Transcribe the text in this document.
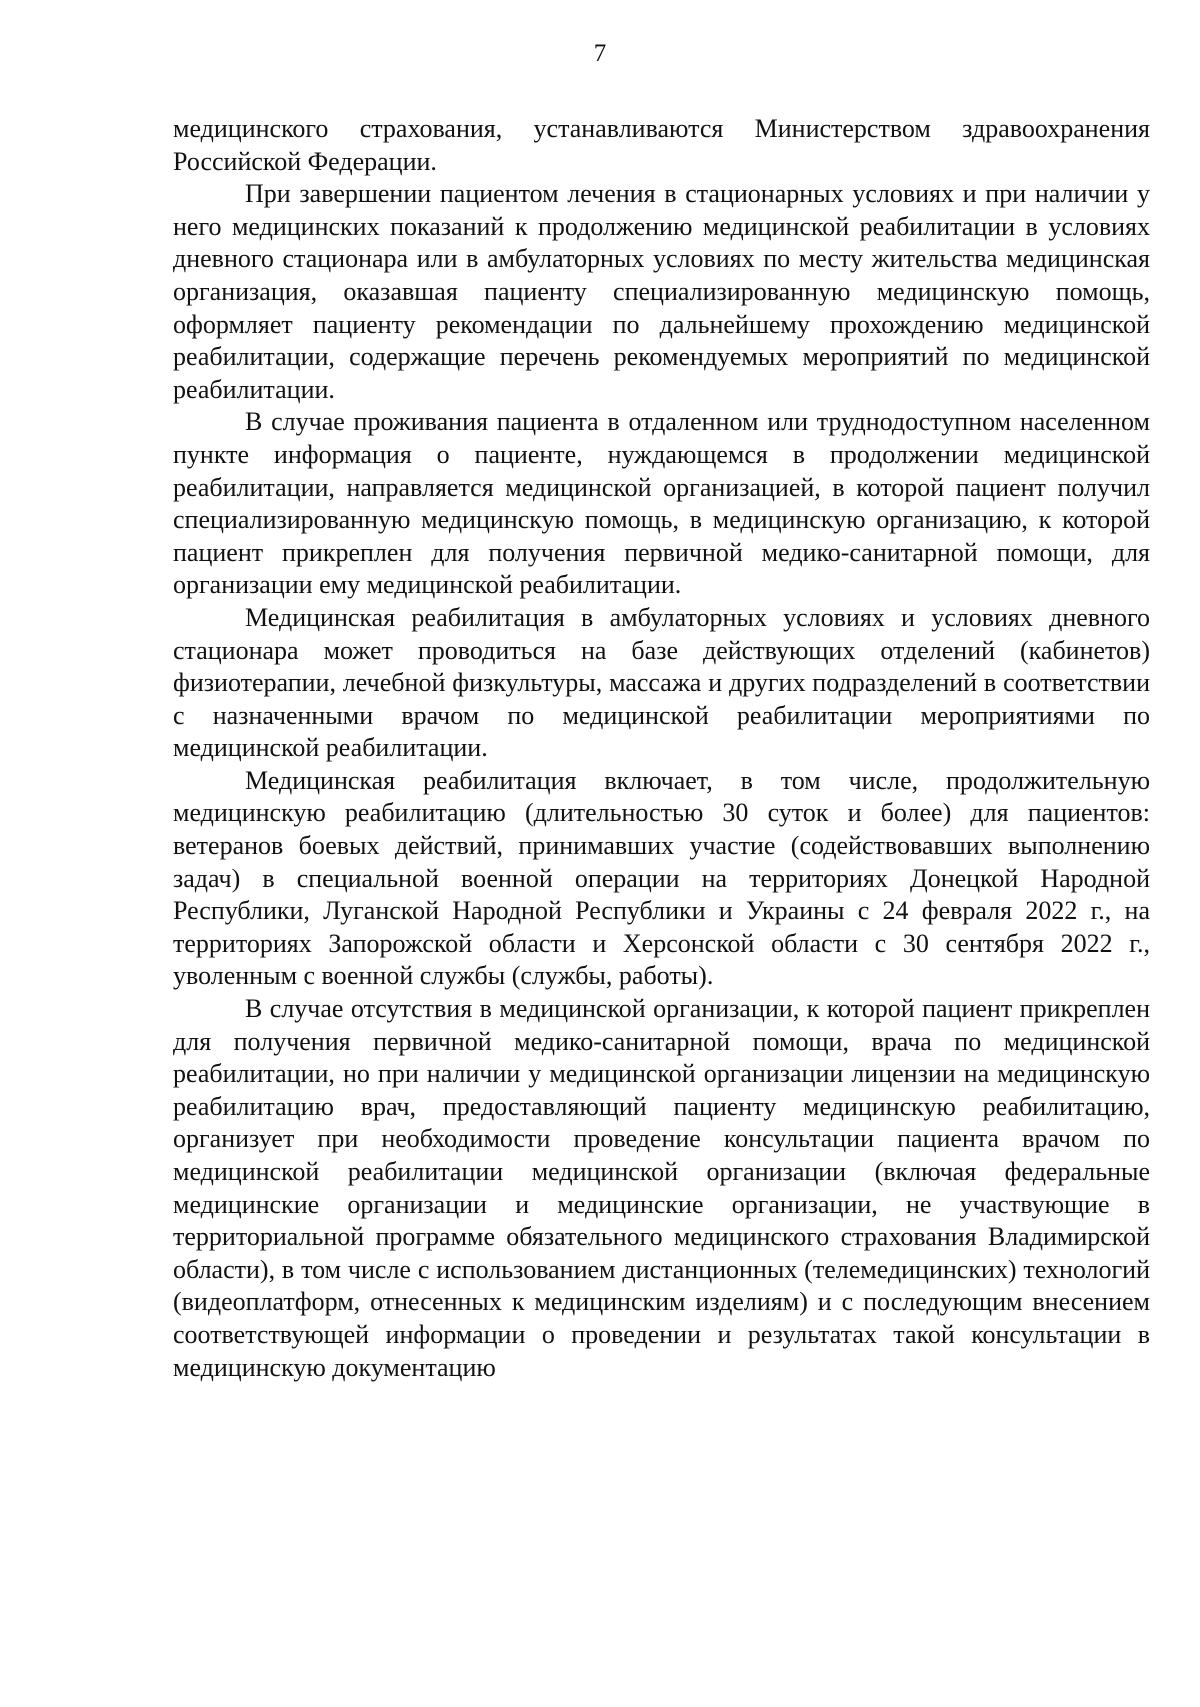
7

медицинского страхования, устанавливаются Министерством здравоохранения Российской Федерации.

При завершении пациентом лечения в стационарных условиях и при наличии у него медицинских показаний к продолжению медицинской реабилитации в условиях дневного стационара или в амбулаторных условиях по месту жительства медицинская организация, оказавшая пациенту специализированную медицинскую помощь, оформляет пациенту рекомендации по дальнейшему прохождению медицинской реабилитации, содержащие перечень рекомендуемых мероприятий по медицинской реабилитации.

В случае проживания пациента в отдаленном или труднодоступном населенном пункте информация о пациенте, нуждающемся в продолжении медицинской реабилитации, направляется медицинской организацией, в которой пациент получил специализированную медицинскую помощь, в медицинскую организацию, к которой пациент прикреплен для получения первичной медико-санитарной помощи, для организации ему медицинской реабилитации.

Медицинская реабилитация в амбулаторных условиях и условиях дневного стационара может проводиться на базе действующих отделений (кабинетов) физиотерапии, лечебной физкультуры, массажа и других подразделений в соответствии с назначенными врачом по медицинской реабилитации мероприятиями по медицинской реабилитации.

Медицинская реабилитация включает, в том числе, продолжительную медицинскую реабилитацию (длительностью 30 суток и более) для пациентов: ветеранов боевых действий, принимавших участие (содействовавших выполнению задач) в специальной военной операции на территориях Донецкой Народной Республики, Луганской Народной Республики и Украины с 24 февраля 2022 г., на территориях Запорожской области и Херсонской области с 30 сентября 2022 г., уволенным с военной службы (службы, работы).

В случае отсутствия в медицинской организации, к которой пациент прикреплен для получения первичной медико-санитарной помощи, врача по медицинской реабилитации, но при наличии у медицинской организации лицензии на медицинскую реабилитацию врач, предоставляющий пациенту медицинскую реабилитацию, организует при необходимости проведение консультации пациента врачом по медицинской реабилитации медицинской организации (включая федеральные медицинские организации и медицинские организации, не участвующие в территориальной программе обязательного медицинского страхования Владимирской области), в том числе с использованием дистанционных (телемедицинских) технологий (видеоплатформ, отнесенных к медицинским изделиям) и с последующим внесением соответствующей информации о проведении и результатах такой консультации в медицинскую документацию
